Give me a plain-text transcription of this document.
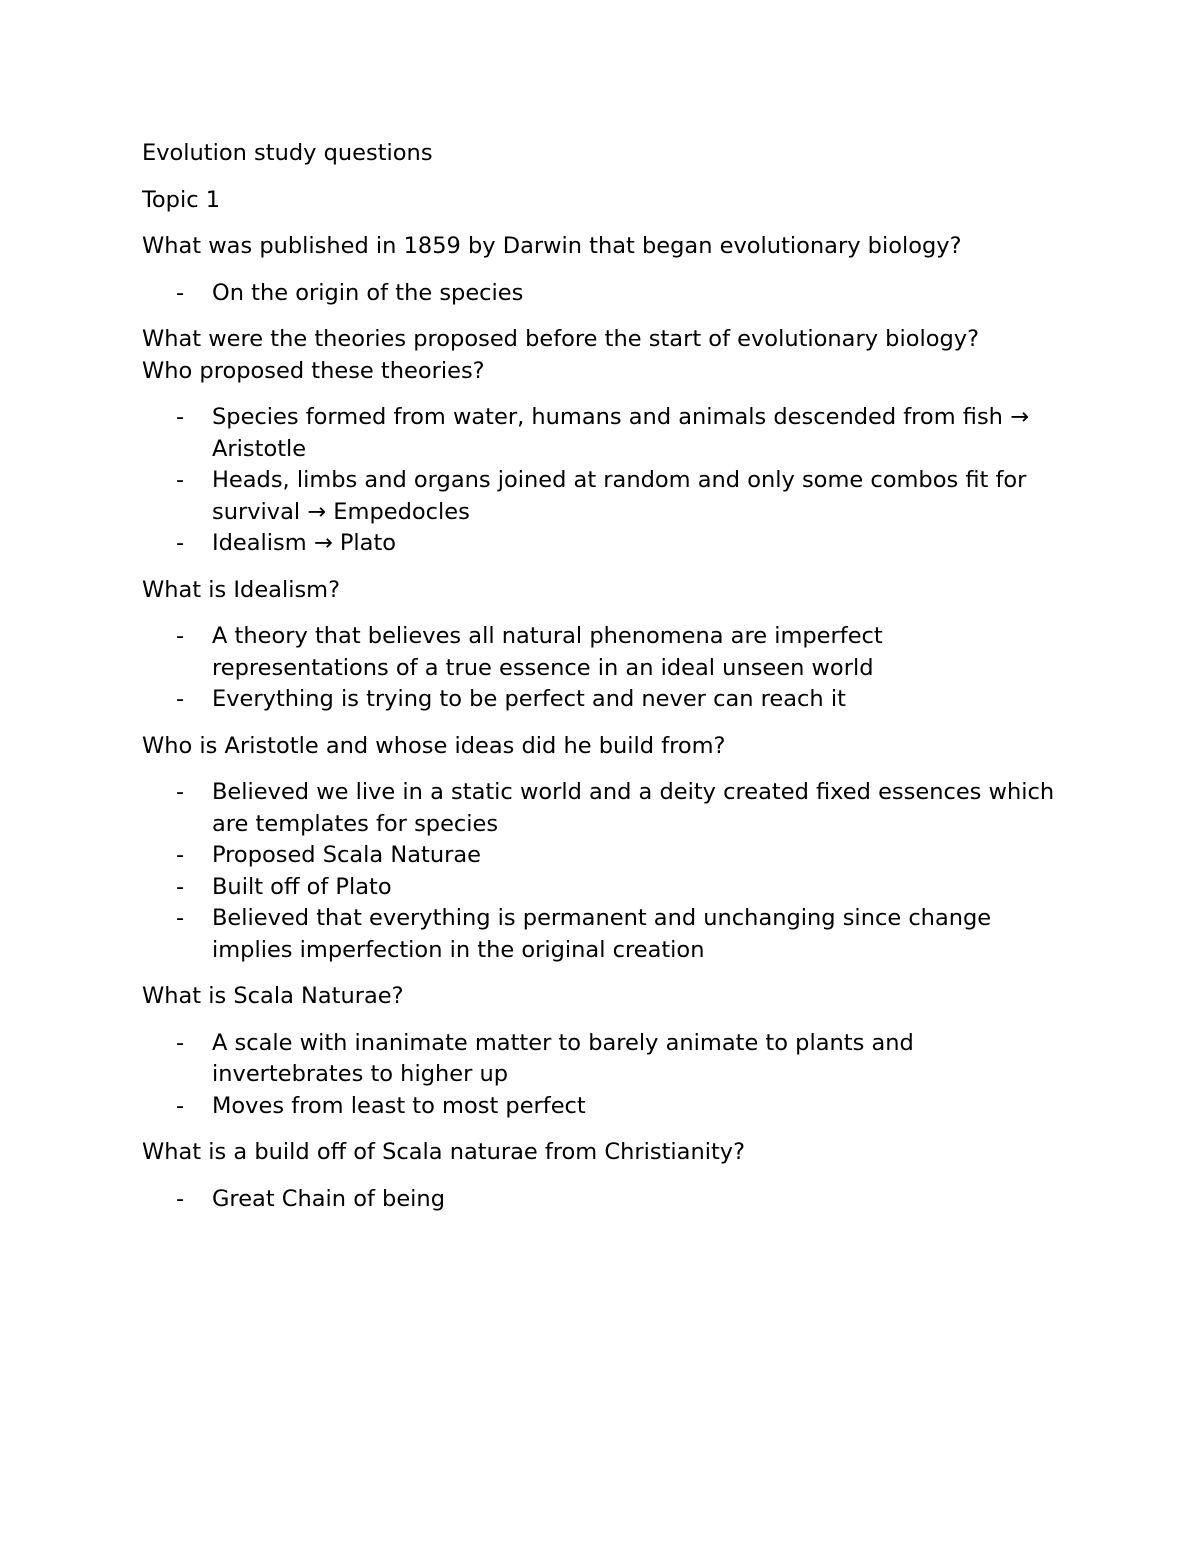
Evolution study questions

Topic 1

What was published in 1859 by Darwin that began evolutionary biology?

- On the origin of the species

What were the theories proposed before the start of evolutionary biology? Who proposed these theories?

- Species formed from water, humans and animals descended from fish → Aristotle
- Heads, limbs and organs joined at random and only some combos fit for survival → Empedocles
- Idealism → Plato

What is Idealism?

- A theory that believes all natural phenomena are imperfect representations of a true essence in an ideal unseen world
- Everything is trying to be perfect and never can reach it

Who is Aristotle and whose ideas did he build from?

- Believed we live in a static world and a deity created fixed essences which are templates for species
- Proposed Scala Naturae
- Built off of Plato
- Believed that everything is permanent and unchanging since change implies imperfection in the original creation

What is Scala Naturae?

- A scale with inanimate matter to barely animate to plants and invertebrates to higher up
- Moves from least to most perfect

What is a build off of Scala naturae from Christianity?

- Great Chain of being
